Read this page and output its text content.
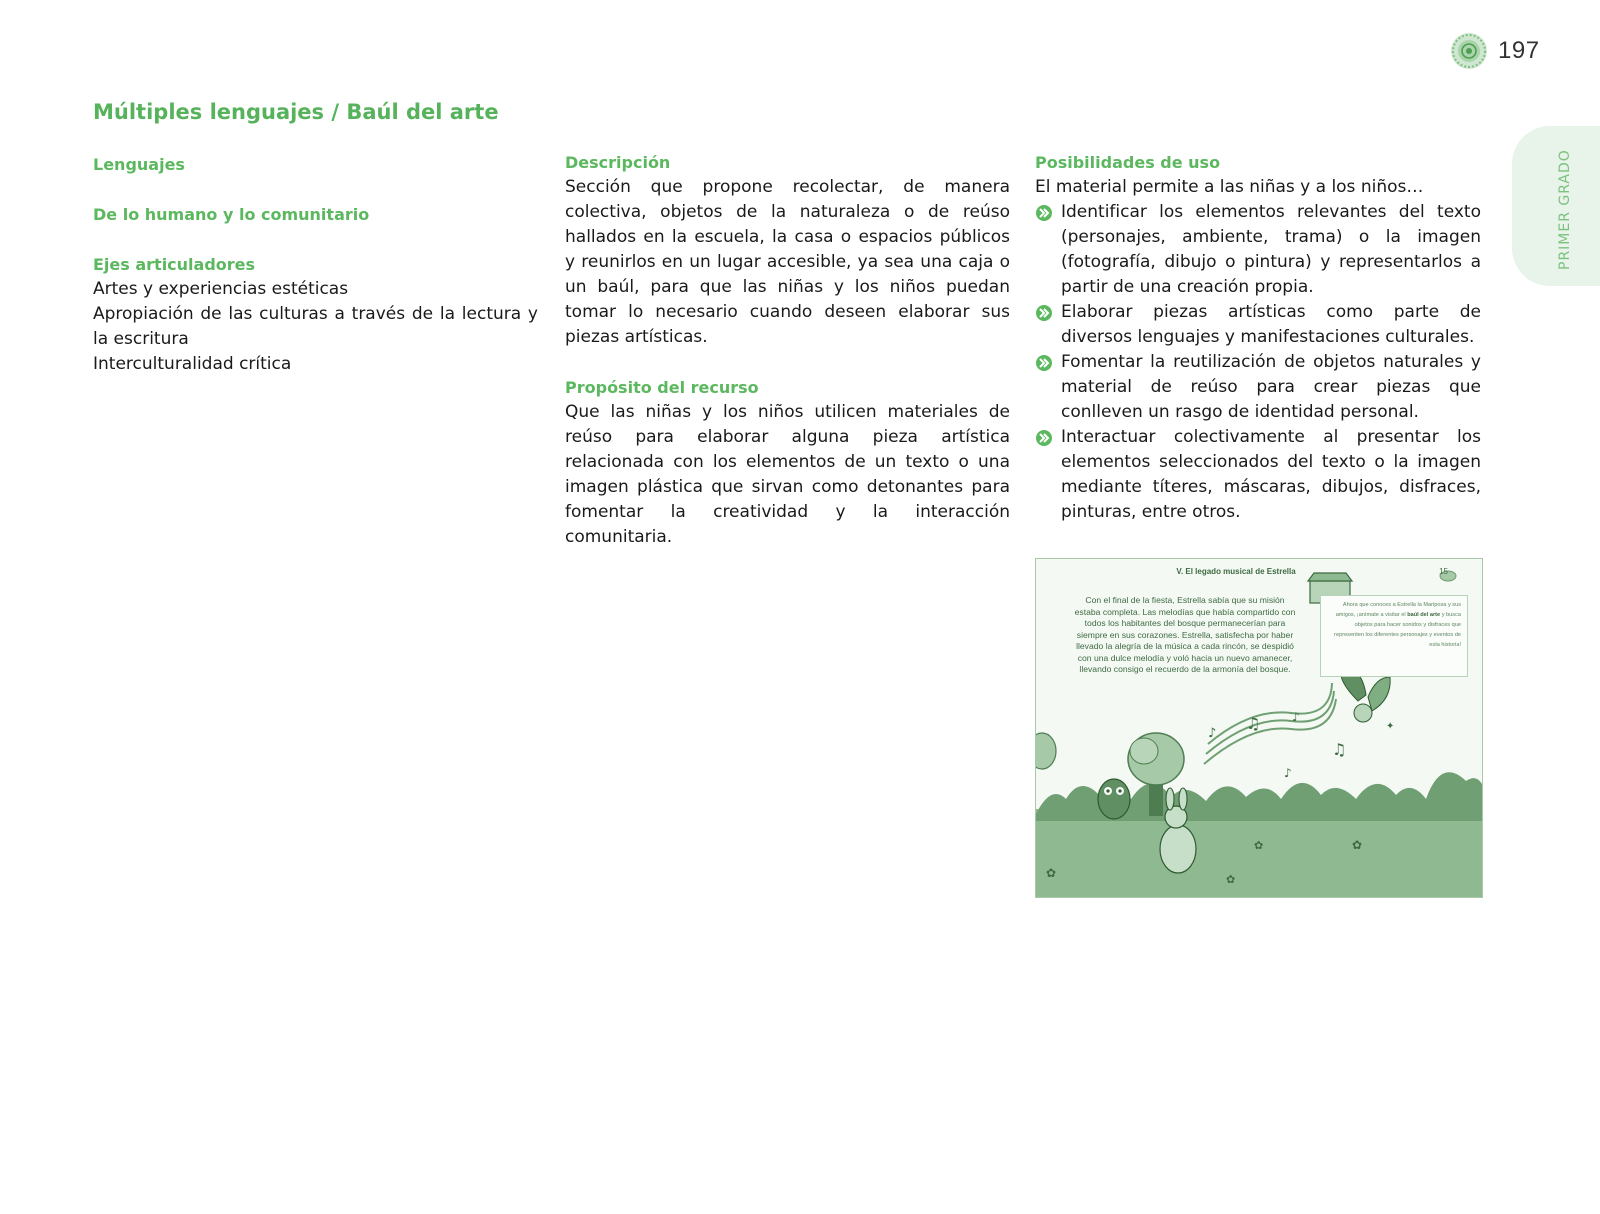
197
PRIMER GRADO
Múltiples lenguajes / Baúl del arte

Lenguajes

De lo humano y lo comunitario

Ejes articuladores

Artes y experiencias estéticas

Apropiación de las culturas a través de la lectura y la escritura

Interculturalidad crítica

Descripción

Sección que propone recolectar, de manera colectiva, objetos de la naturaleza o de reúso hallados en la escuela, la casa o espacios públicos y reunirlos en un lugar accesible, ya sea una caja o un baúl, para que las niñas y los niños puedan tomar lo necesario cuando deseen elaborar sus piezas artísticas.

Propósito del recurso

Que las niñas y los niños utilicen materiales de reúso para elaborar alguna pieza artística relacionada con los elementos de un texto o una imagen plástica que sirvan como detonantes para fomentar la creatividad y la interacción comunitaria.

Posibilidades de uso

El material permite a las niñas y a los niños…

Identificar los elementos relevantes del texto (personajes, ambiente, trama) o la imagen (fotografía, dibujo o pintura) y representarlos a partir de una creación propia.
Elaborar piezas artísticas como parte de diversos lenguajes y manifestaciones culturales.
Fomentar la reutilización de objetos naturales y material de reúso para crear piezas que conlleven un rasgo de identidad personal.
Interactuar colectivamente al presentar los elementos seleccionados del texto o la imagen mediante títeres, máscaras, dibujos, disfraces, pinturas, entre otros.
♫
♪
♫
♪
♪
✦
✿
✿	✿
✿
V. El legado musical de Estrella	15
Con el final de la fiesta, Estrella sabía que su misión estaba completa. Las melodías que había compartido con todos los habitantes del bosque permanecerían para siempre en sus corazones. Estrella, satisfecha por haber llevado la alegría de la música a cada rincón, se despidió con una dulce melodía y voló hacia un nuevo amanecer, llevando consigo el recuerdo de la armonía del bosque.
Ahora que conoces a Estrella la Mariposa y sus amigos, ¡anímate a visitar el baúl del arte y busca objetos para hacer sonidos y disfraces que representen los diferentes personajes y eventos de esta historia!
